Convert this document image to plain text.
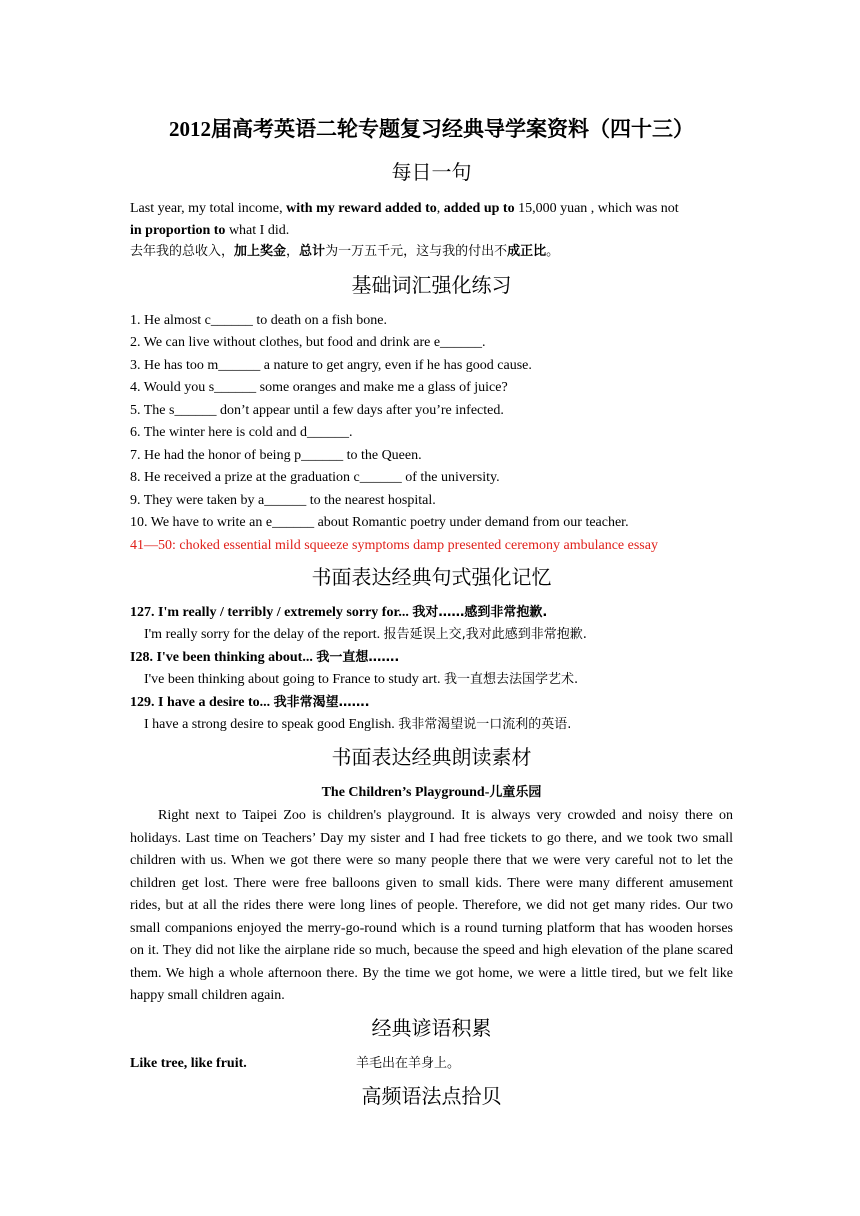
2012届高考英语二轮专题复习经典导学案资料（四十三）
每日一句
Last year, my total income, with my reward added to, added up to 15,000 yuan , which was not
in proportion to what I did.
去年我的总收入，加上奖金，总计为一万五千元，这与我的付出不成正比。
基础词汇强化练习
1. He almost c______ to death on a fish bone.
2. We can live without clothes, but food and drink are e______.
3. He has too m______ a nature to get angry, even if he has good cause.
4. Would you s______ some oranges and make me a glass of juice?
5. The s______ don’t appear until a few days after you’re infected.
6. The winter here is cold and d______.
7. He had the honor of being p______ to the Queen.
8. He received a prize at the graduation c______ of the university.
9. They were taken by a______ to the nearest hospital.
10. We have to write an e______ about Romantic poetry under demand from our teacher.
41—50: choked essential mild squeeze symptoms damp presented ceremony ambulance essay
书面表达经典句式强化记忆
127. I'm really / terribly / extremely sorry for... 我对……感到非常抱歉.
I'm really sorry for the delay of the report. 报告延误上交,我对此感到非常抱歉.
I28. I've been thinking about... 我一直想…….
I've been thinking about going to France to study art. 我一直想去法国学艺术.
129. I have a desire to... 我非常渴望…….
I have a strong desire to speak good English. 我非常渴望说一口流利的英语.
书面表达经典朗读素材
The Children’s Playground-儿童乐园
Right next to Taipei Zoo is children's playground. It is always very crowded and noisy there on holidays. Last time on Teachers’ Day my sister and I had free tickets to go there, and we took two small children with us. When we got there were so many people there that we were very careful not to let the children get lost. There were free balloons given to small kids. There were many different amusement rides, but at all the rides there were long lines of people. Therefore, we did not get many rides. Our two small companions enjoyed the merry-go-round which is a round turning platform that has wooden horses on it. They did not like the airplane ride so much, because the speed and high elevation of the plane scared them. We high a whole afternoon there. By the time we got home, we were a little tired, but we felt like happy small children again.
经典谚语积累
Like tree, like fruit.	羊毛出在羊身上。
高频语法点拾贝
